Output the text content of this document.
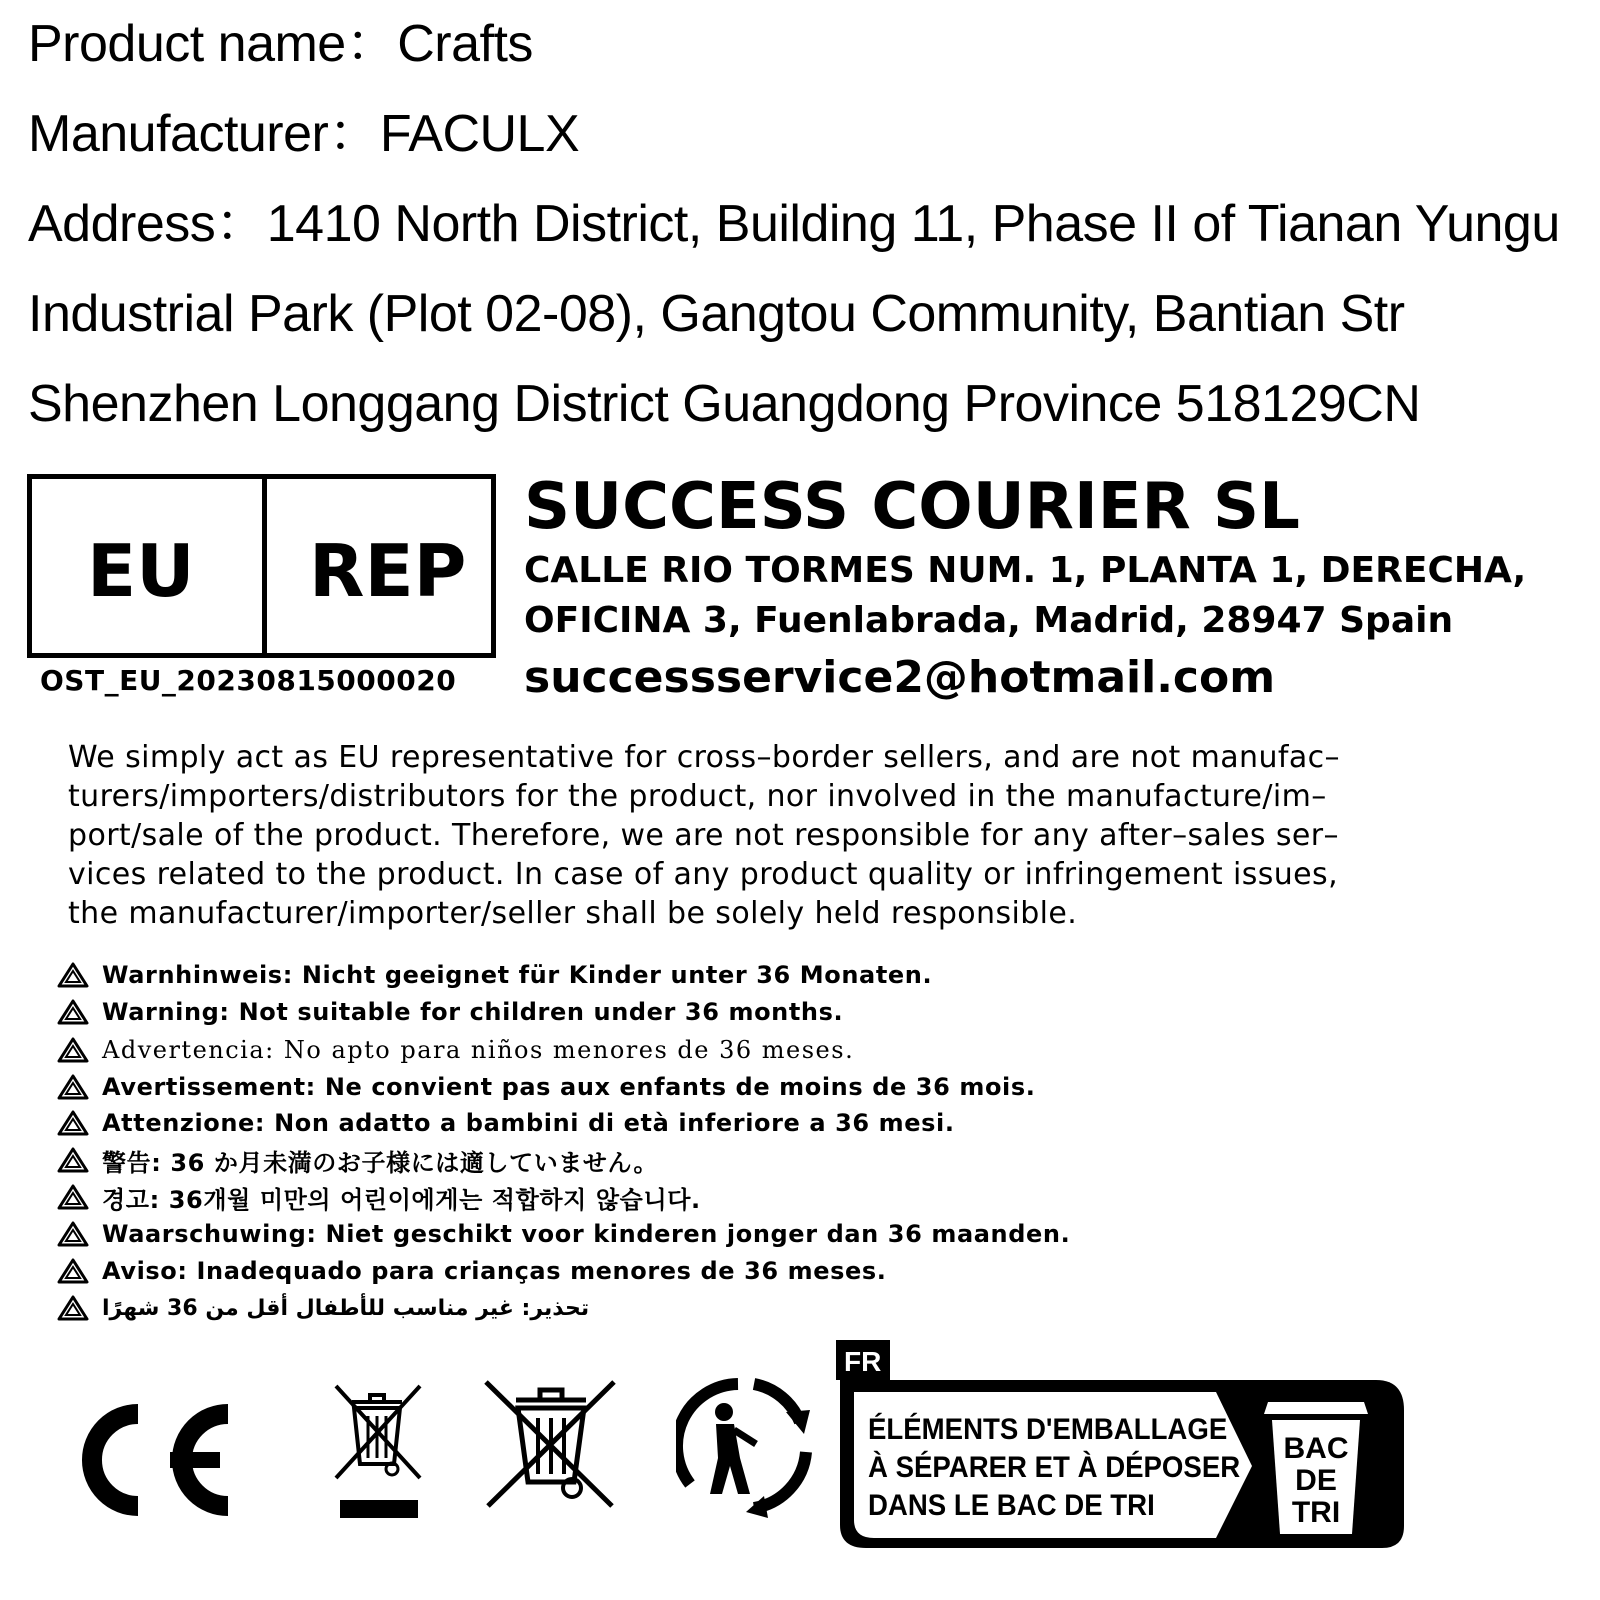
Product name：Crafts
Manufacturer：FACULX
Address：1410 North District, Building 11, Phase II of Tianan Yungu
Industrial Park (Plot 02-08), Gangtou Community, Bantian Str
Shenzhen Longgang District Guangdong Province 518129CN
EU REP
OST_EU_20230815000020
SUCCESS COURIER SL
CALLE RIO TORMES NUM. 1, PLANTA 1, DERECHA,
OFICINA 3, Fuenlabrada, Madrid, 28947 Spain
successservice2@hotmail.com
We simply act as EU representative for cross–border sellers, and are not manufac–
turers/importers/distributors for the product, nor involved in the manufacture/im–
port/sale of the product. Therefore, we are not responsible for any after–sales ser–
vices related to the product. In case of any product quality or infringement issues,
the manufacturer/importer/seller shall be solely held responsible.
Warnhinweis: Nicht geeignet für Kinder unter 36 Monaten.
Warning: Not suitable for children under 36 months.
Advertencia: No apto para niños menores de 36 meses.
Avertissement: Ne convient pas aux enfants de moins de 36 mois.
Attenzione: Non adatto a bambini di età inferiore a 36 mesi.
警告: 36 か月未満のお子様には適していません。
경고: 36개월 미만의 어린이에게는 적합하지 않습니다.
Waarschuwing: Niet geschikt voor kinderen jonger dan 36 maanden.
Aviso: Inadequado para crianças menores de 36 meses.
تحذير: غير مناسب للأطفال أقل من 36 شهرًا
FR
BAC
DE
TRI
ÉLÉMENTS D'EMBALLAGE
À SÉPARER ET À DÉPOSER
DANS LE BAC DE TRI
